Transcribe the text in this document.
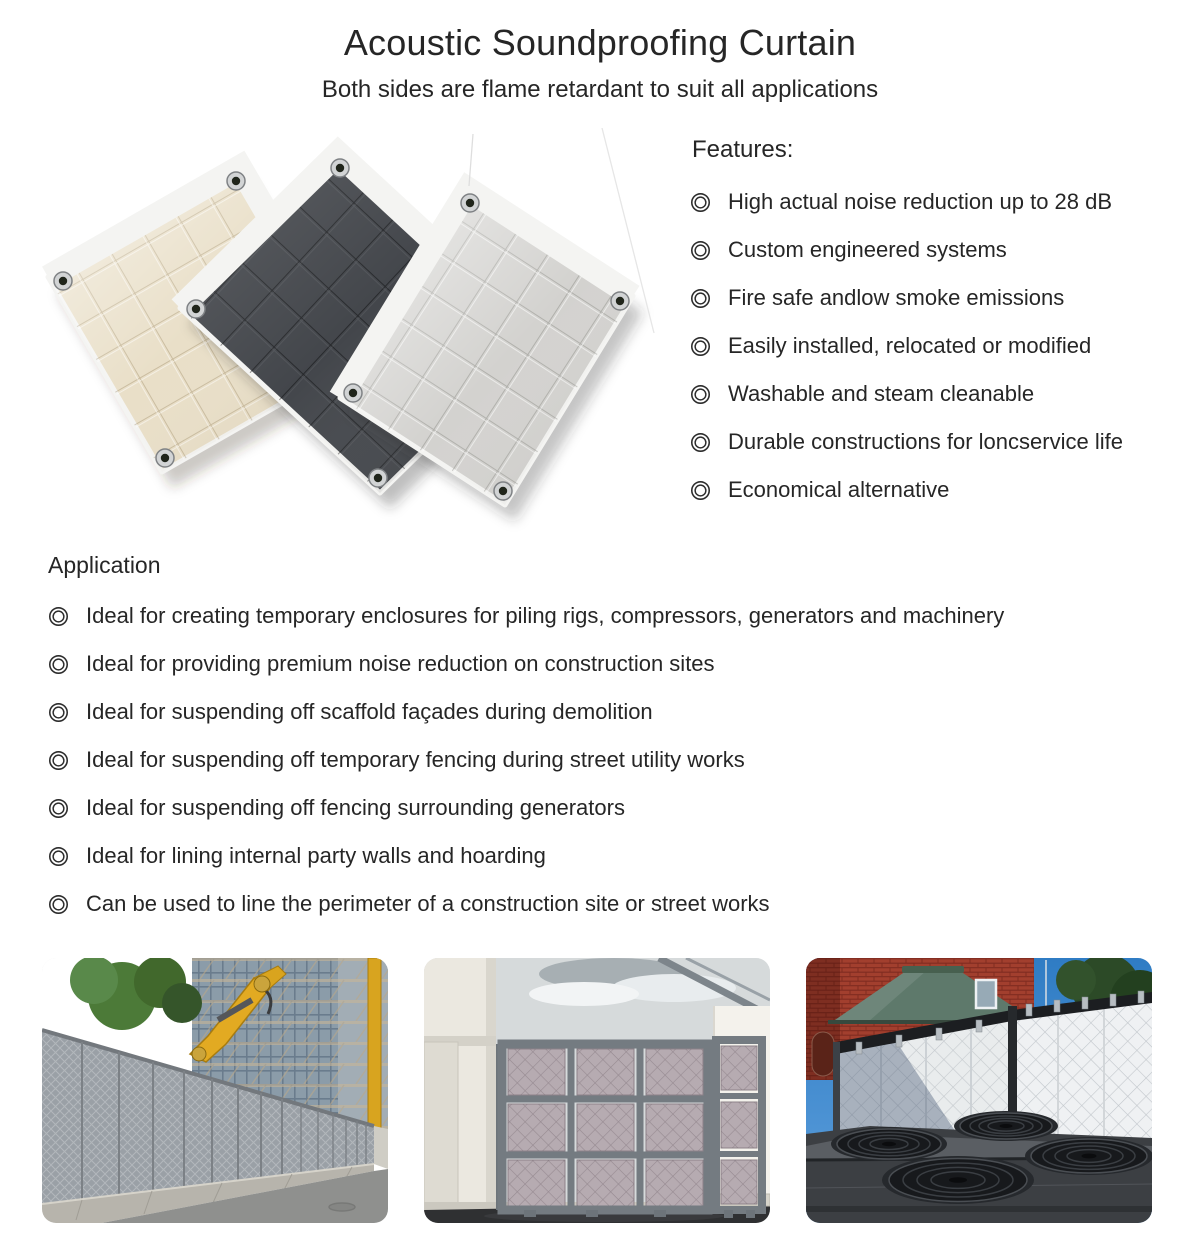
Acoustic Soundproofing Curtain
Both sides are flame retardant to suit all applications
Features:
High actual noise reduction up to 28 dB
Custom engineered systems
Fire safe andlow smoke emissions
Easily installed, relocated or modified
Washable and steam cleanable
Durable constructions for loncservice life
Economical alternative
Application
Ideal for creating temporary enclosures for piling rigs, compressors, generators and machinery
Ideal for providing premium noise reduction on construction sites
Ideal for suspending off scaffold façades during demolition
Ideal for suspending off temporary fencing during street utility works
Ideal for suspending off fencing surrounding generators
Ideal for lining internal party walls and hoarding
Can be used to line the perimeter of a construction site or street works
